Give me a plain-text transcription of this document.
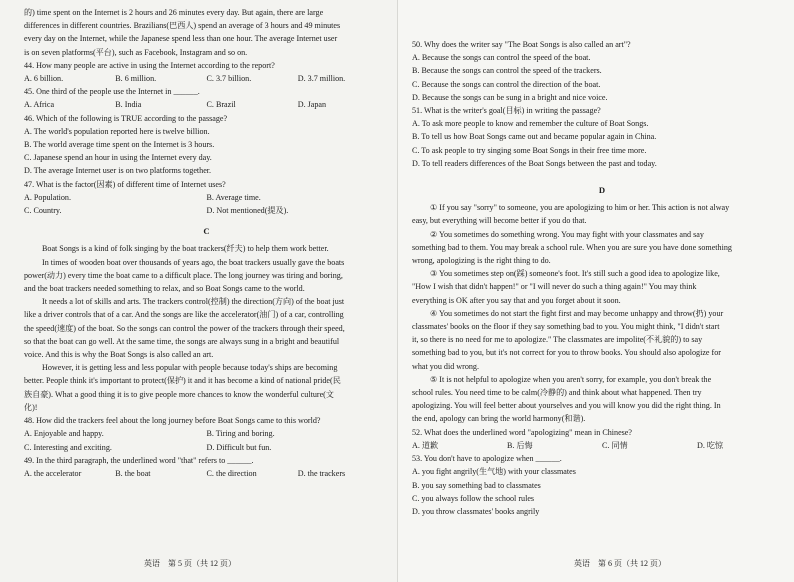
的) time spent on the Internet is 2 hours and 26 minutes every day. But again, there are large
differences in different countries. Brazilians(巴西人) spend an average of 3 hours and 49 minutes
every day on the Internet, while the Japanese spend less than one hour. The average Internet user
is on seven platforms(平台), such as Facebook, Instagram and so on.
44. How many people are active in using the Internet according to the report?
A. 6 billion.	B. 6 million.	C. 3.7 billion.	D. 3.7 million.
45. One third of the people use the Internet in ______.
A. Africa	B. India	C. Brazil	D. Japan
46. Which of the following is TRUE according to the passage?
A. The world's population reported here is twelve billion.
B. The world average time spent on the Internet is 3 hours.
C. Japanese spend an hour in using the Internet every day.
D. The average Internet user is on two platforms together.
47. What is the factor(因素) of different time of Internet uses?
A. Population.	B. Average time.
C. Country.	D. Not mentioned(提及).
C
Boat Songs is a kind of folk singing by the boat trackers(纤夫) to help them work better.
In times of wooden boat over thousands of years ago, the boat trackers usually gave the boats
power(动力) every time the boat came to a difficult place. The long journey was tiring and boring,
and the boat trackers needed something to relax, and so Boat Songs came to the world.
It needs a lot of skills and arts. The trackers control(控制) the direction(方向) of the boat just
like a driver controls that of a car. And the songs are like the accelerator(油门) of a car, controlling
the speed(速度) of the boat. So the songs can control the power of the trackers through their speed,
so that the boat can go well. At the same time, the songs are always sung in a bright and beautiful
voice. And this is why the Boat Songs is also called an art.
However, it is getting less and less popular with people because today's ships are becoming
better. People think it's important to protect(保护) it and it has become a kind of national pride(民
族自豪). What a good thing it is to give people more chances to know the wonderful culture(文
化)!
48. How did the trackers feel about the long journey before Boat Songs came to this world?
A. Enjoyable and happy.	B. Tiring and boring.
C. Interesting and exciting.	D. Difficult but fun.
49. In the third paragraph, the underlined word "that" refers to ______.
A. the accelerator	B. the boat	C. the direction	D. the trackers
英语　第 5 页（共 12 页）
50. Why does the writer say "The Boat Songs is also called an art"?
A. Because the songs can control the speed of the boat.
B. Because the songs can control the speed of the trackers.
C. Because the songs can control the direction of the boat.
D. Because the songs can be sung in a bright and nice voice.
51. What is the writer's goal(目标) in writing the passage?
A. To ask more people to know and remember the culture of Boat Songs.
B. To tell us how Boat Songs came out and became popular again in China.
C. To ask people to try singing some Boat Songs in their free time more.
D. To tell readers differences of the Boat Songs between the past and today.
D
① If you say "sorry" to someone, you are apologizing to him or her. This action is not alway
easy, but everything will become better if you do that.
② You sometimes do something wrong. You may fight with your classmates and say
something bad to them. You may break a school rule. When you are sure you have done something
wrong, apologizing is the right thing to do.
③ You sometimes step on(踩) someone's foot. It's still such a good idea to apologize like,
"How I wish that didn't happen!" or "I will never do such a thing again!" You may think
everything is OK after you say that and you forget about it soon.
④ You sometimes do not start the fight first and may become unhappy and throw(扔) your
classmates' books on the floor if they say something bad to you. You might think, "I didn't start
it, so there is no need for me to apologize." The classmates are impolite(不礼貌的) to say
something bad to you, but it's not correct for you to throw books. You should also apologize for
what you did wrong.
⑤ It is not helpful to apologize when you aren't sorry, for example, you don't break the
school rules. You need time to be calm(冷静的) and think about what happened. Then try
apologizing. You will feel better about yourselves and you will know you did the right thing. In
the end, apology can bring the world harmony(和谐).
52. What does the underlined word "apologizing" mean in Chinese?
A. 道歉	B. 后悔	C. 同情	D. 吃惊
53. You don't have to apologize when ______.
A. you fight angrily(生气地) with your classmates
B. you say something bad to classmates
C. you always follow the school rules
D. you throw classmates' books angrily
英语　第 6 页（共 12 页）
